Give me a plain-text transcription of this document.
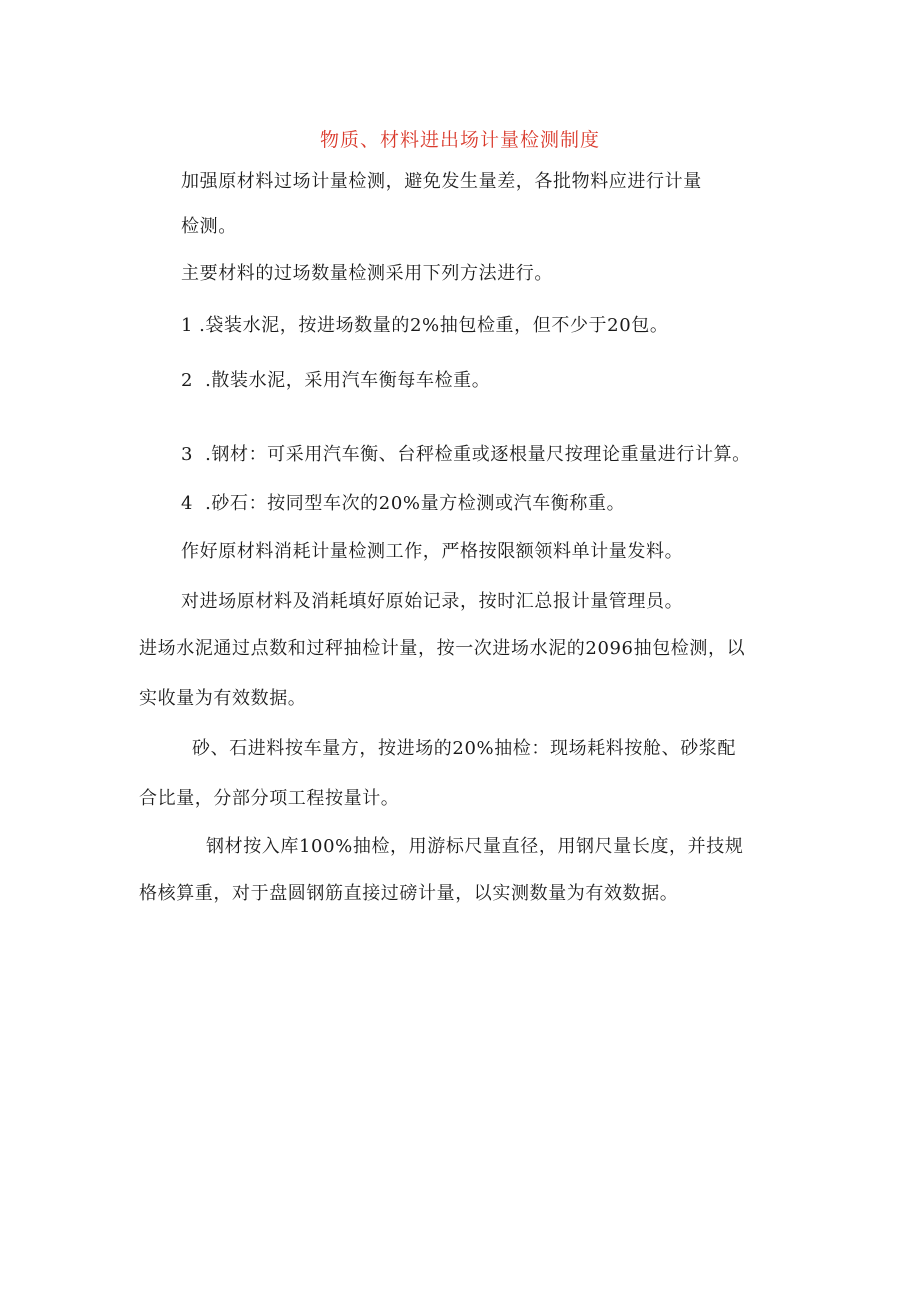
物质、材料进出场计量检测制度
加强原材料过场计量检测，避免发生量差，各批物料应进行计量
检测。
主要材料的过场数量检测采用下列方法进行。
1 .袋装水泥，按进场数量的2%抽包检重，但不少于20包。
2 .散装水泥，采用汽车衡每车检重。
3 .钢材：可采用汽车衡、台秤检重或逐根量尺按理论重量进行计算。
4 .砂石：按同型车次的20%量方检测或汽车衡称重。
作好原材料消耗计量检测工作，严格按限额领料单计量发料。
对进场原材料及消耗填好原始记录，按时汇总报计量管理员。
进场水泥通过点数和过秤抽检计量，按一次进场水泥的2096抽包检测，以
实收量为有效数据。
砂、石进料按车量方，按进场的20%抽检：现场耗料按舱、砂浆配
合比量，分部分项工程按量计。
钢材按入库100%抽检，用游标尺量直径，用钢尺量长度，并技规
格核算重，对于盘圆钢筋直接过磅计量，以实测数量为有效数据。
